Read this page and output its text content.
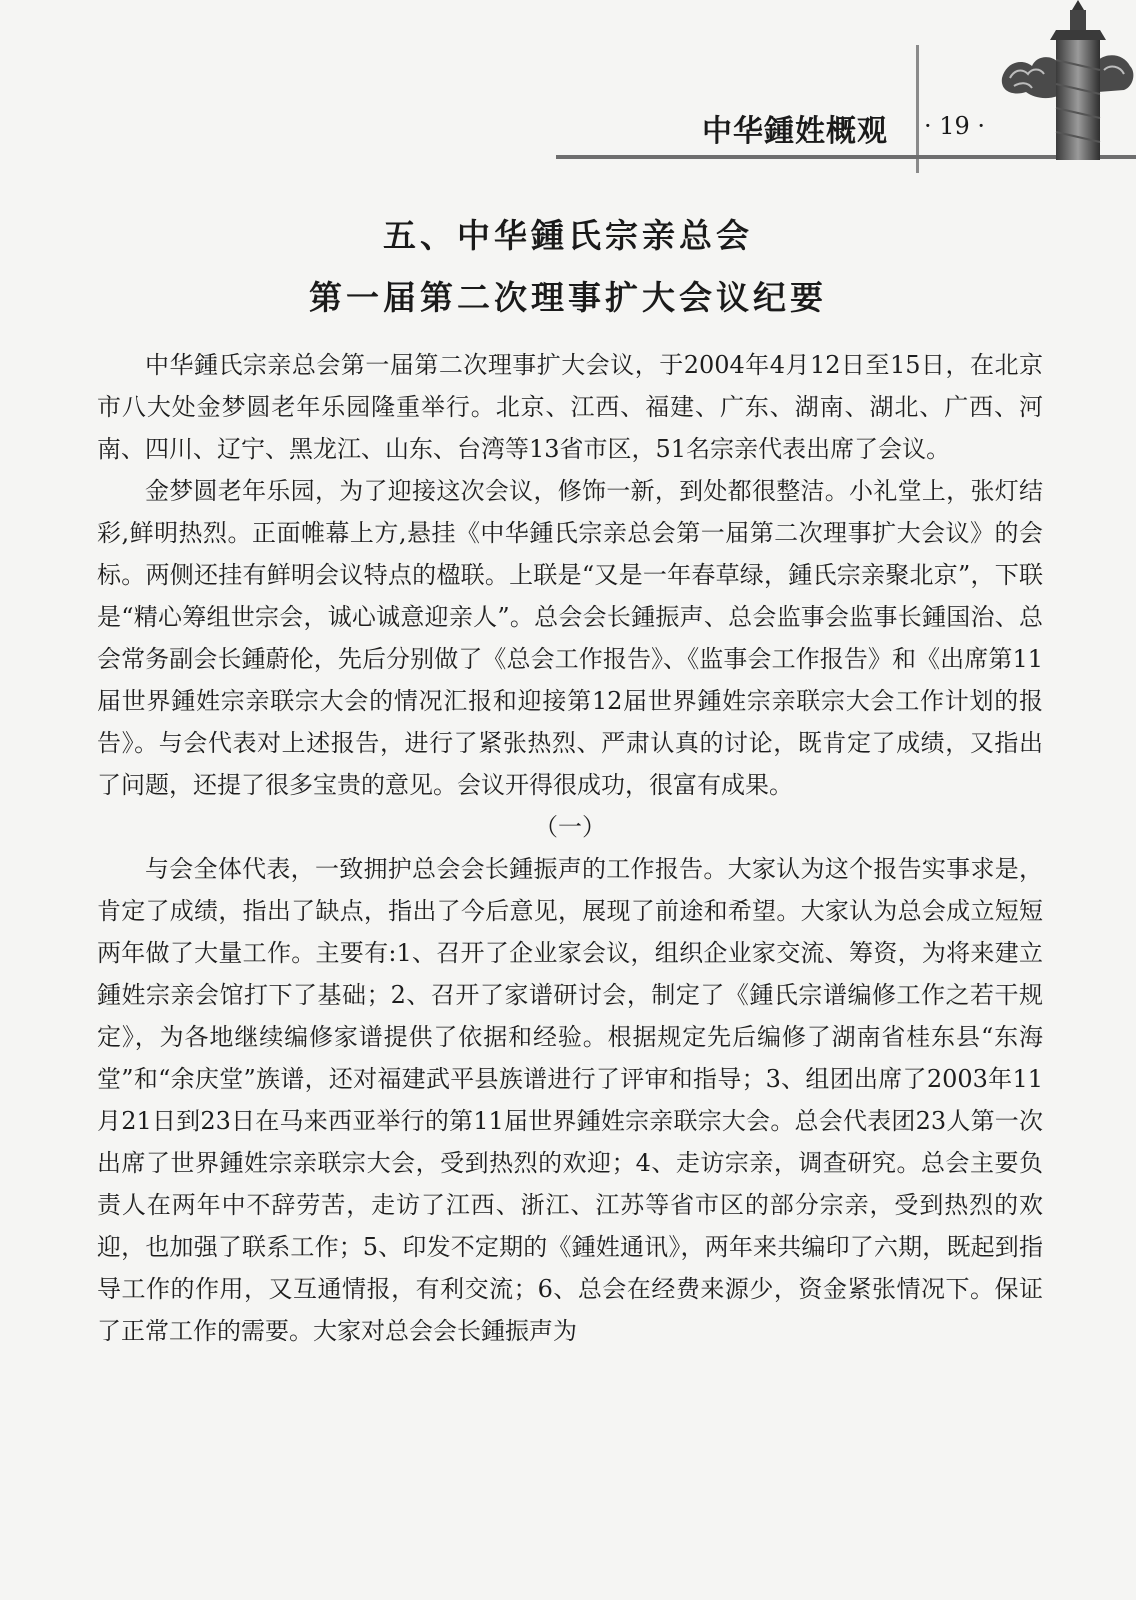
中华鍾姓概观 · 19 ·
五、中华鍾氏宗亲总会
第一届第二次理事扩大会议纪要

中华鍾氏宗亲总会第一届第二次理事扩大会议，于2004年4月12日至15日，在北京市八大处金梦圆老年乐园隆重举行。北京、江西、福建、广东、湖南、湖北、广西、河南、四川、辽宁、黑龙江、山东、台湾等13省市区，51名宗亲代表出席了会议。

金梦圆老年乐园，为了迎接这次会议，修饰一新，到处都很整洁。小礼堂上，张灯结彩,鲜明热烈。正面帷幕上方,悬挂《中华鍾氏宗亲总会第一届第二次理事扩大会议》的会标。两侧还挂有鲜明会议特点的楹联。上联是“又是一年春草绿，鍾氏宗亲聚北京”，下联是“精心筹组世宗会，诚心诚意迎亲人”。总会会长鍾振声、总会监事会监事长鍾国治、总会常务副会长鍾蔚伦，先后分别做了《总会工作报告》、《监事会工作报告》和《出席第11届世界鍾姓宗亲联宗大会的情况汇报和迎接第12届世界鍾姓宗亲联宗大会工作计划的报告》。与会代表对上述报告，进行了紧张热烈、严肃认真的讨论，既肯定了成绩，又指出了问题，还提了很多宝贵的意见。会议开得很成功，很富有成果。

（一）

与会全体代表，一致拥护总会会长鍾振声的工作报告。大家认为这个报告实事求是，肯定了成绩，指出了缺点，指出了今后意见，展现了前途和希望。大家认为总会成立短短两年做了大量工作。主要有:1、召开了企业家会议，组织企业家交流、筹资，为将来建立鍾姓宗亲会馆打下了基础；2、召开了家谱研讨会，制定了《鍾氏宗谱编修工作之若干规定》，为各地继续编修家谱提供了依据和经验。根据规定先后编修了湖南省桂东县“东海堂”和“余庆堂”族谱，还对福建武平县族谱进行了评审和指导；3、组团出席了2003年11月21日到23日在马来西亚举行的第11届世界鍾姓宗亲联宗大会。总会代表团23人第一次出席了世界鍾姓宗亲联宗大会，受到热烈的欢迎；4、走访宗亲，调查研究。总会主要负责人在两年中不辞劳苦，走访了江西、浙江、江苏等省市区的部分宗亲，受到热烈的欢迎，也加强了联系工作；5、印发不定期的《鍾姓通讯》，两年来共编印了六期，既起到指导工作的作用，又互通情报，有利交流；6、总会在经费来源少，资金紧张情况下。保证了正常工作的需要。大家对总会会长鍾振声为
